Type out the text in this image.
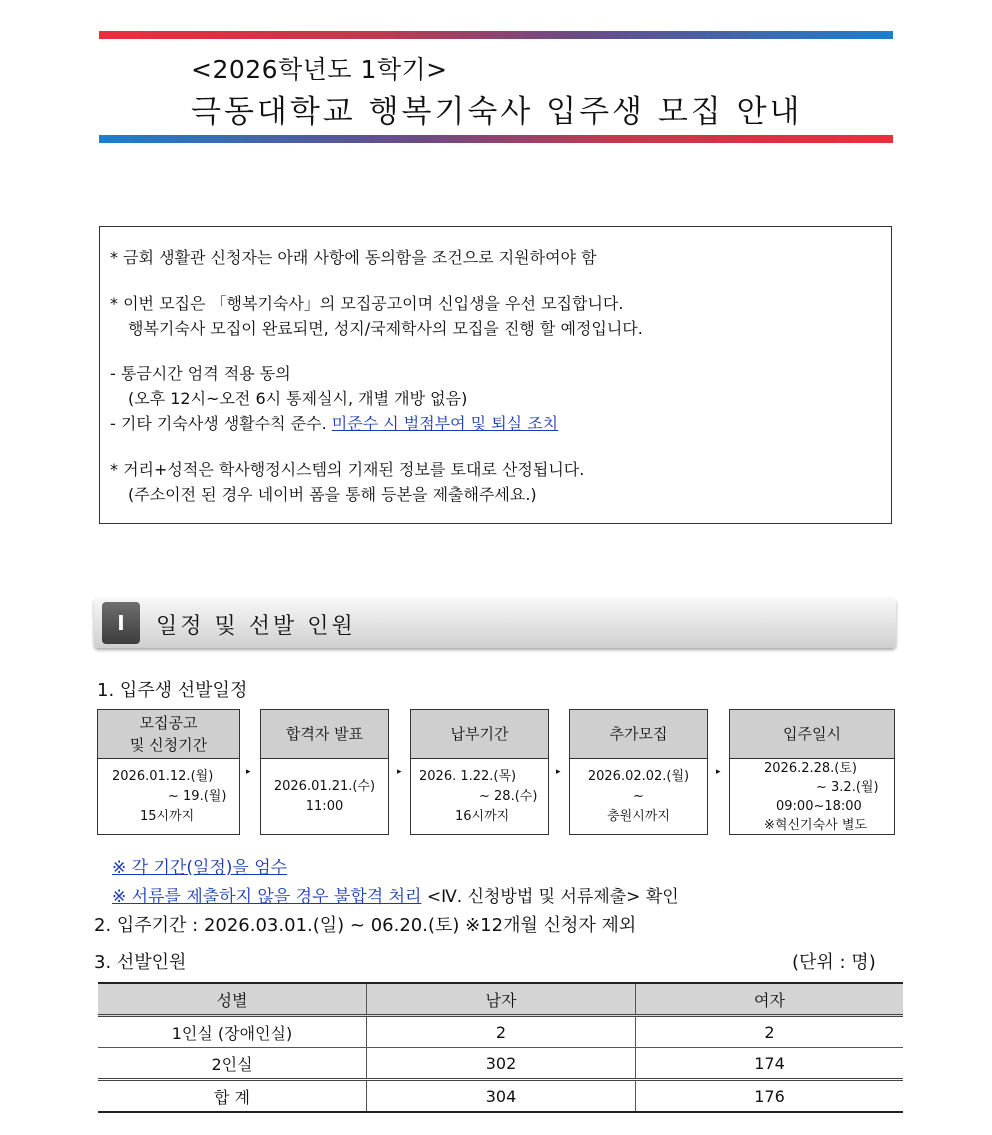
<2026학년도 1학기>
극동대학교 행복기숙사 입주생 모집 안내
* 금회 생활관 신청자는 아래 사항에 동의함을 조건으로 지원하여야 함
* 이번 모집은 「행복기숙사」의 모집공고이며 신입생을 우선 모집합니다.
행복기숙사 모집이 완료되면, 성지/국제학사의 모집을 진행 할 예정입니다.
- 통금시간 엄격 적용 동의
(오후 12시~오전 6시 통제실시, 개별 개방 없음)
- 기타 기숙사생 생활수칙 준수. 미준수 시 벌점부여 및 퇴실 조치
* 거리+성적은 학사행정시스템의 기재된 정보를 토대로 산정됩니다.
(주소이전 된 경우 네이버 폼을 통해 등본을 제출해주세요.)
I	일정 및 선발 인원
1. 입주생 선발일정
모집공고
및 신청기간
2026.01.12.(월)
~ 19.(월)
15시까지
▸
합격자 발표
2026.01.21.(수)
11:00
▸
납부기간
2026. 1.22.(목)
~ 28.(수)
16시까지
▸
추가모집
2026.02.02.(월)
~
충원시까지
▸
입주일시
2026.2.28.(토)
~ 3.2.(월)
09:00~18:00
※혁신기숙사 별도
※ 각 기간(일정)을 엄수
※ 서류를 제출하지 않을 경우 불합격 처리 <Ⅳ. 신청방법 및 서류제출> 확인
2. 입주기간 : 2026.03.01.(일) ~ 06.20.(토) ※12개월 신청자 제외
3. 선발인원	(단위 : 명)
성별	남자	여자
1인실 (장애인실)	2	2
2인실	302	174
합 계	304	176
